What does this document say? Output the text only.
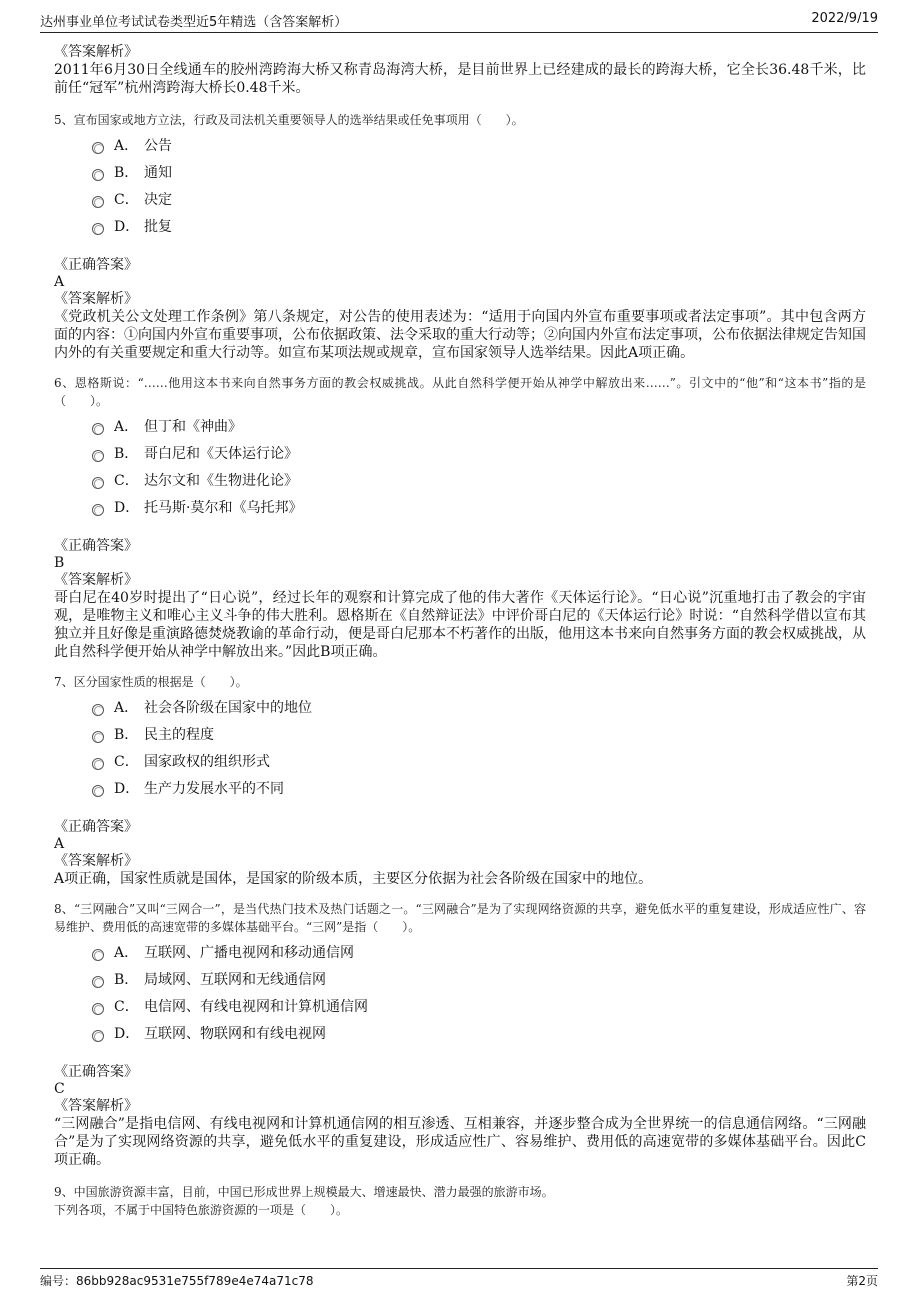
达州事业单位考试试卷类型近5年精选（含答案解析）	2022/9/19
《答案解析》
2011年6月30日全线通车的胶州湾跨海大桥又称青岛海湾大桥，是目前世界上已经建成的最长的跨海大桥，它全长36.48千米，比前任“冠军”杭州湾跨海大桥长0.48千米。
5、宣布国家或地方立法，行政及司法机关重要领导人的选举结果或任免事项用（　　）。
A． 公告
B． 通知
C． 决定
D． 批复
《正确答案》
A
《答案解析》
《党政机关公文处理工作条例》第八条规定，对公告的使用表述为：“适用于向国内外宣布重要事项或者法定事项”。其中包含两方面的内容：①向国内外宣布重要事项，公布依据政策、法令采取的重大行动等；②向国内外宣布法定事项，公布依据法律规定告知国内外的有关重要规定和重大行动等。如宣布某项法规或规章，宣布国家领导人选举结果。因此A项正确。
6、恩格斯说：“……他用这本书来向自然事务方面的教会权威挑战。从此自然科学便开始从神学中解放出来……”。引文中的“他”和“这本书”指的是（　　）。
A． 但丁和《神曲》
B． 哥白尼和《天体运行论》
C． 达尔文和《生物进化论》
D． 托马斯·莫尔和《乌托邦》
《正确答案》
B
《答案解析》
哥白尼在40岁时提出了“日心说”，经过长年的观察和计算完成了他的伟大著作《天体运行论》。“日心说”沉重地打击了教会的宇宙观，是唯物主义和唯心主义斗争的伟大胜利。恩格斯在《自然辩证法》中评价哥白尼的《天体运行论》时说：“自然科学借以宣布其独立并且好像是重演路德焚烧教谕的革命行动，便是哥白尼那本不朽著作的出版，他用这本书来向自然事务方面的教会权威挑战，从此自然科学便开始从神学中解放出来。”因此B项正确。
7、区分国家性质的根据是（　　）。
A． 社会各阶级在国家中的地位
B． 民主的程度
C． 国家政权的组织形式
D． 生产力发展水平的不同
《正确答案》
A
《答案解析》
A项正确，国家性质就是国体，是国家的阶级本质，主要区分依据为社会各阶级在国家中的地位。
8、“三网融合”又叫“三网合一”，是当代热门技术及热门话题之一。“三网融合”是为了实现网络资源的共享，避免低水平的重复建设，形成适应性广、容易维护、费用低的高速宽带的多媒体基础平台。“三网”是指（　　）。
A． 互联网、广播电视网和移动通信网
B． 局域网、互联网和无线通信网
C． 电信网、有线电视网和计算机通信网
D． 互联网、物联网和有线电视网
《正确答案》
C
《答案解析》
“三网融合”是指电信网、有线电视网和计算机通信网的相互渗透、互相兼容，并逐步整合成为全世界统一的信息通信网络。“三网融合”是为了实现网络资源的共享，避免低水平的重复建设，形成适应性广、容易维护、费用低的高速宽带的多媒体基础平台。因此C项正确。
9、中国旅游资源丰富，目前，中国已形成世界上规模最大、增速最快、潜力最强的旅游市场。
下列各项，不属于中国特色旅游资源的一项是（　　）。
编号：86bb928ac9531e755f789e4e74a71c78	第2页
